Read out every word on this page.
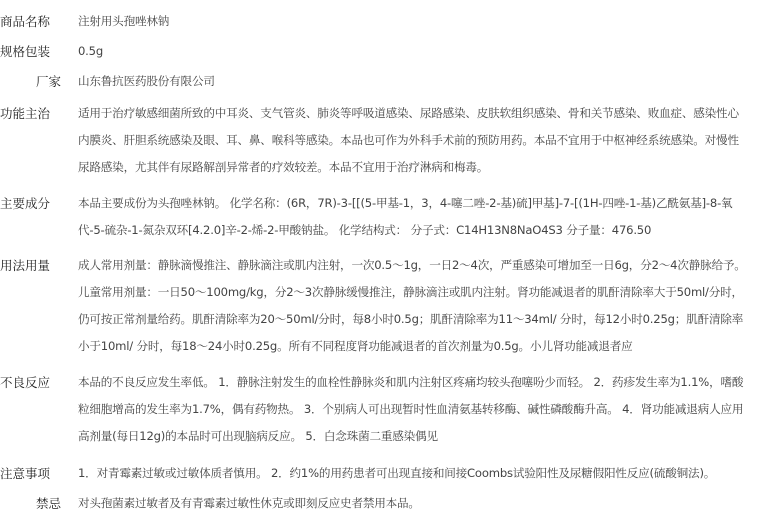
商品名称	注射用头孢唑林钠
规格包装	0.5g
厂家	山东鲁抗医药股份有限公司
功能主治	适用于治疗敏感细菌所致的中耳炎、支气管炎、肺炎等呼吸道感染、尿路感染、皮肤软组织感染、骨和关节感染、败血症、感染性心
内膜炎、肝胆系统感染及眼、耳、鼻、喉科等感染。本品也可作为外科手术前的预防用药。本品不宜用于中枢神经系统感染。对慢性
尿路感染，尤其伴有尿路解剖异常者的疗效较差。本品不宜用于治疗淋病和梅毒。
主要成分	本品主要成份为头孢唑林钠。 化学名称：(6R，7R)-3-[[(5-甲基-1，3，4-噻二唑-2-基)硫]甲基]-7-[(1H-四唑-1-基)乙酰氨基]-8-氧
代-5-硫杂-1-氮杂双环[4.2.0]辛-2-烯-2-甲酸钠盐。 化学结构式： 分子式：C14H13N8NaO4S3 分子量：476.50
用法用量	成人常用剂量：静脉滴慢推注、静脉滴注或肌内注射，一次0.5～1g，一日2～4次，严重感染可增加至一日6g，分2～4次静脉给予。
儿童常用剂量：一日50～100mg/kg，分2～3次静脉缓慢推注，静脉滴注或肌内注射。肾功能减退者的肌酐清除率大于50ml/分时，
仍可按正常剂量给药。肌酐清除率为20～50ml/分时，每8小时0.5g；肌酐清除率为11～34ml/ 分时，每12小时0.25g；肌酐清除率
小于10ml/ 分时，每18～24小时0.25g。所有不同程度肾功能减退者的首次剂量为0.5g。小儿肾功能减退者应
不良反应	本品的不良反应发生率低。 1．静脉注射发生的血栓性静脉炎和肌内注射区疼痛均较头孢噻吩少而轻。 2．药疹发生率为1.1%，嗜酸
粒细胞增高的发生率为1.7%，偶有药物热。 3．个别病人可出现暂时性血清氨基转移酶、碱性磷酸酶升高。 4．肾功能减退病人应用
高剂量(每日12g)的本品时可出现脑病反应。 5．白念珠菌二重感染偶见
注意事项	1．对青霉素过敏或过敏体质者慎用。 2．约1%的用药患者可出现直接和间接Coombs试验阳性及尿糖假阳性反应(硫酸铜法)。
禁忌	对头孢菌素过敏者及有青霉素过敏性休克或即刻反应史者禁用本品。
